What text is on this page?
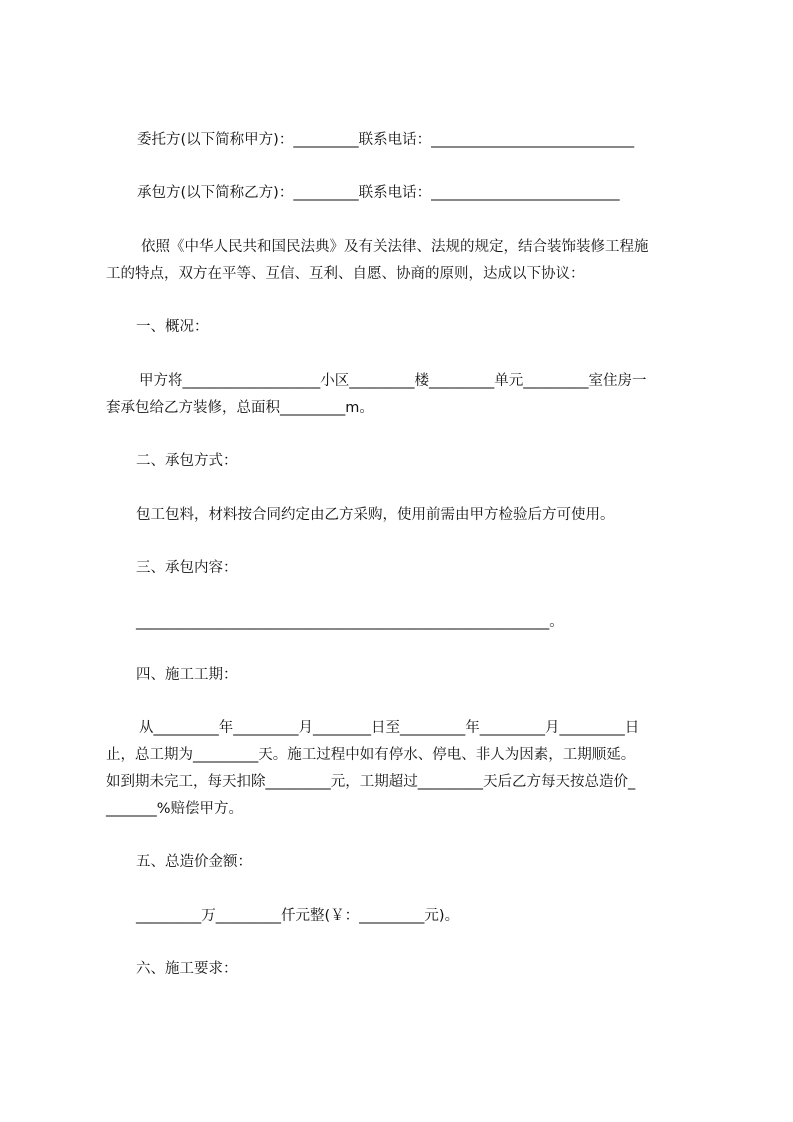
委托方(以下简称甲方)：_________联系电话：____________________________
承包方(以下简称乙方)：_________联系电话：__________________________
依照《中华人民共和国民法典》及有关法律、法规的规定，结合装饰装修工程施
工的特点，双方在平等、互信、互利、自愿、协商的原则，达成以下协议：
一、概况：
甲方将___________________小区_________楼_________单元_________室住房一
套承包给乙方装修，总面积_________m。
二、承包方式：
包工包料，材料按合同约定由乙方采购，使用前需由甲方检验后方可使用。
三、承包内容：
_________________________________________________________。
四、施工工期：
从_________年_________月________日至_________年_________月_________日
止，总工期为_________天。施工过程中如有停水、停电、非人为因素，工期顺延。
如到期未完工，每天扣除_________元，工期超过_________天后乙方每天按总造价_
_______%赔偿甲方。
五、总造价金额：
_________万_________仟元整(￥：_________元)。
六、施工要求：
